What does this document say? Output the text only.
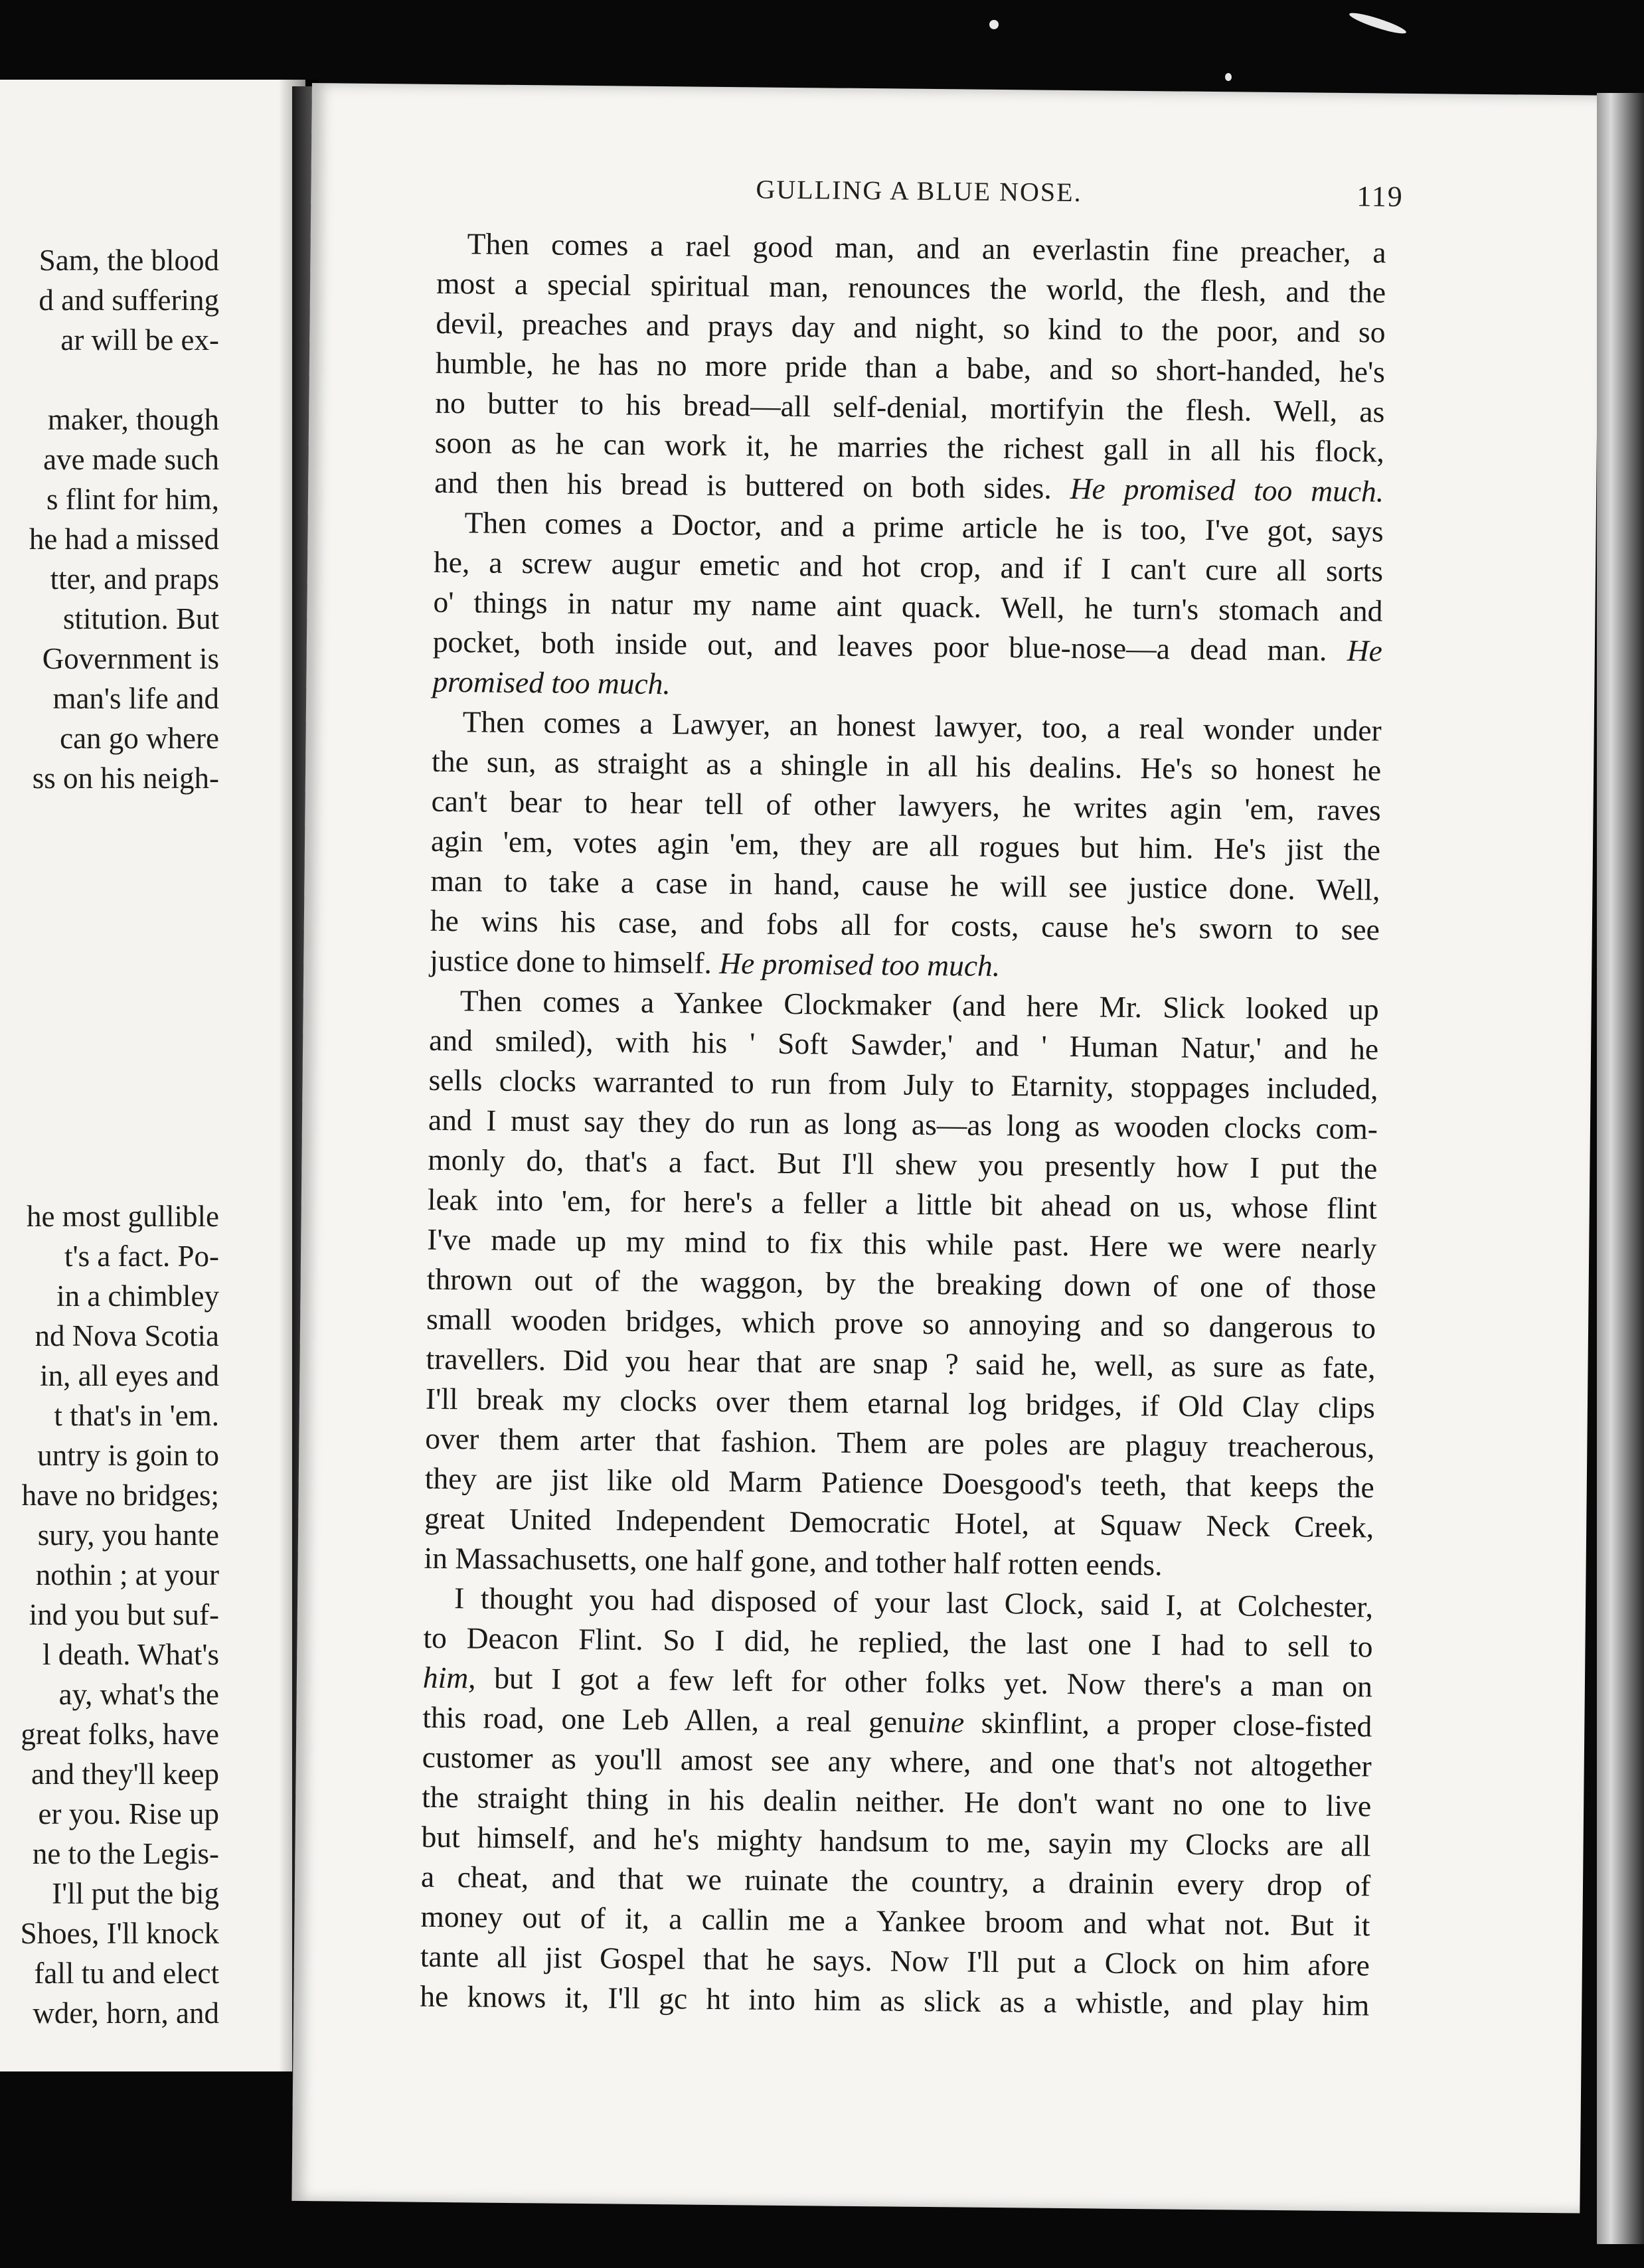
Sam, the blood
d and suffering
ar will be ex-

maker, though
ave made such
s flint for him,
he had a missed
tter, and praps
stitution. But
Government is
man's life and
can go where
ss on his neigh-

he most gullible
t's a fact. Po-
in a chimbley
nd Nova Scotia
in, all eyes and
t that's in 'em.
untry is goin to
have no bridges;
sury, you hante
nothin ; at your
ind you but suf-
l death. What's
ay, what's the
great folks, have
and they'll keep
er you. Rise up
ne to the Legis-
I'll put the big
Shoes, I'll knock
fall tu and elect
wder, horn, and
GULLING A BLUE NOSE.	119
Then comes a rael good man, and an everlastin fine preacher, a
most a special spiritual man, renounces the world, the flesh, and the
devil, preaches and prays day and night, so kind to the poor, and so
humble, he has no more pride than a babe, and so short-handed, he's
no butter to his bread—all self-denial, mortifyin the flesh. Well, as
soon as he can work it, he marries the richest gall in all his flock,
and then his bread is buttered on both sides. He promised too much.
Then comes a Doctor, and a prime article he is too, I've got, says
he, a screw augur emetic and hot crop, and if I can't cure all sorts
o' things in natur my name aint quack. Well, he turn's stomach and
pocket, both inside out, and leaves poor blue-nose—a dead man. He
promised too much.
Then comes a Lawyer, an honest lawyer, too, a real wonder under
the sun, as straight as a shingle in all his dealins. He's so honest he
can't bear to hear tell of other lawyers, he writes agin 'em, raves
agin 'em, votes agin 'em, they are all rogues but him. He's jist the
man to take a case in hand, cause he will see justice done. Well,
he wins his case, and fobs all for costs, cause he's sworn to see
justice done to himself. He promised too much.
Then comes a Yankee Clockmaker (and here Mr. Slick looked up
and smiled), with his ' Soft Sawder,' and ' Human Natur,' and he
sells clocks warranted to run from July to Etarnity, stoppages included,
and I must say they do run as long as—as long as wooden clocks com-
monly do, that's a fact. But I'll shew you presently how I put the
leak into 'em, for here's a feller a little bit ahead on us, whose flint
I've made up my mind to fix this while past. Here we were nearly
thrown out of the waggon, by the breaking down of one of those
small wooden bridges, which prove so annoying and so dangerous to
travellers. Did you hear that are snap ? said he, well, as sure as fate,
I'll break my clocks over them etarnal log bridges, if Old Clay clips
over them arter that fashion. Them are poles are plaguy treacherous,
they are jist like old Marm Patience Doesgood's teeth, that keeps the
great United Independent Democratic Hotel, at Squaw Neck Creek,
in Massachusetts, one half gone, and tother half rotten eends.
I thought you had disposed of your last Clock, said I, at Colchester,
to Deacon Flint. So I did, he replied, the last one I had to sell to
him, but I got a few left for other folks yet. Now there's a man on
this road, one Leb Allen, a real genuine skinflint, a proper close-fisted
customer as you'll amost see any where, and one that's not altogether
the straight thing in his dealin neither. He don't want no one to live
but himself, and he's mighty handsum to me, sayin my Clocks are all
a cheat, and that we ruinate the country, a drainin every drop of
money out of it, a callin me a Yankee broom and what not. But it
tante all jist Gospel that he says. Now I'll put a Clock on him afore
he knows it, I'll gc ht into him as slick as a whistle, and play him
